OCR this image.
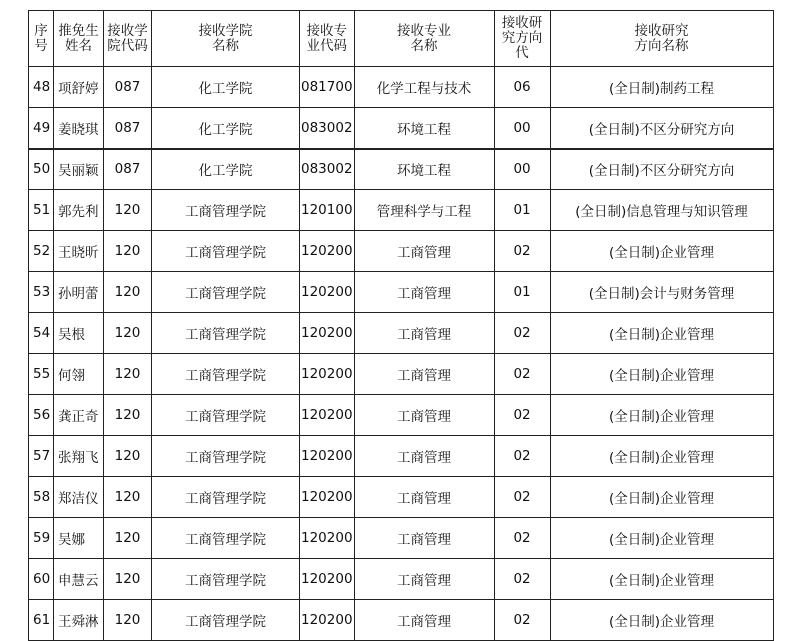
序号	推免生姓名	接收学院代码	接收学院名称	接收专业代码	接收专业名称	接收研究方向代	接收研究方向名称
48	项舒婷	087	化工学院	081700	化学工程与技术	06	(全日制)制药工程
49	姜晓琪	087	化工学院	083002	环境工程	00	(全日制)不区分研究方向
50	吴丽颖	087	化工学院	083002	环境工程	00	(全日制)不区分研究方向
51	郭先利	120	工商管理学院	120100	管理科学与工程	01	(全日制)信息管理与知识管理
52	王晓昕	120	工商管理学院	120200	工商管理	02	(全日制)企业管理
53	孙明蕾	120	工商管理学院	120200	工商管理	01	(全日制)会计与财务管理
54	吴根	120	工商管理学院	120200	工商管理	02	(全日制)企业管理
55	何翎	120	工商管理学院	120200	工商管理	02	(全日制)企业管理
56	龚正奇	120	工商管理学院	120200	工商管理	02	(全日制)企业管理
57	张翔飞	120	工商管理学院	120200	工商管理	02	(全日制)企业管理
58	郑洁仪	120	工商管理学院	120200	工商管理	02	(全日制)企业管理
59	吴娜	120	工商管理学院	120200	工商管理	02	(全日制)企业管理
60	申慧云	120	工商管理学院	120200	工商管理	02	(全日制)企业管理
61	王舜淋	120	工商管理学院	120200	工商管理	02	(全日制)企业管理
